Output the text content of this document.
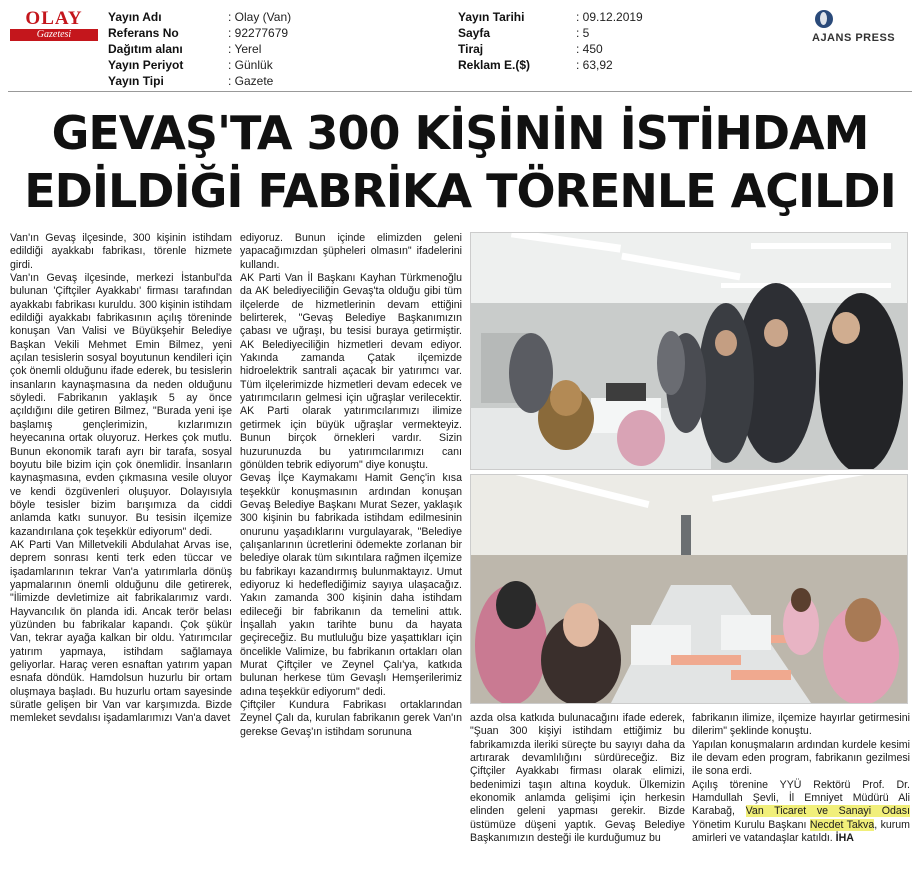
OLAY
Gazetesi
Yayın Adı	: Olay (Van)
Referans No	: 92277679
Dağıtım alanı	: Yerel
Yayın Periyot	: Günlük
Yayın Tipi	: Gazete
Yayın Tarihi	: 09.12.2019
Sayfa	: 5
Tiraj	: 450
Reklam E.($)	: 63,92
AJANS PRESS
GEVAŞ'TA 300 KİŞİNİN İSTİHDAM
EDİLDİĞİ FABRİKA TÖRENLE AÇILDI

Van'ın Gevaş ilçesinde, 300 kişinin istihdam edildiği ayakkabı fabrikası, törenle hizmete girdi.

Van'ın Gevaş ilçesinde, merkezi İstanbul'da bulunan 'Çiftçiler Ayakkabı' firması tarafından ayakkabı fabrikası kuruldu. 300 kişinin istihdam edildiği ayakkabı fabrikasının açılış töreninde konuşan Van Valisi ve Büyükşehir Belediye Başkan Vekili Mehmet Emin Bilmez, yeni açılan tesislerin sosyal boyutunun kendileri için çok önemli olduğunu ifade ederek, bu tesislerin insanların kaynaşmasına da neden olduğunu söyledi. Fabrikanın yaklaşık 5 ay önce açıldığını dile getiren Bilmez, "Burada yeni işe başlamış gençlerimizin, kızlarımızın heyecanına ortak oluyoruz. Herkes çok mutlu. Bunun ekonomik tarafı ayrı bir tarafa, sosyal boyutu bile bizim için çok önemlidir. İnsanların kaynaşmasına, evden çıkmasına vesile oluyor ve kendi özgüvenleri oluşuyor. Dolayısıyla böyle tesisler bizim barışımıza da ciddi anlamda katkı sunuyor. Bu tesisin ilçemize kazandırılana çok teşekkür ediyorum" dedi.

AK Parti Van Milletvekili Abdulahat Arvas ise, deprem sonrası kenti terk eden tüccar ve işadamlarının tekrar Van'a yatırımlarla dönüş yapmalarının önemli olduğunu dile getirerek, "İlimizde devletimize ait fabrikalarımız vardı. Hayvancılık ön planda idi. Ancak terör belası yüzünden bu fabrikalar kapandı. Çok şükür Van, tekrar ayağa kalkan bir oldu. Yatırımcılar yatırım yapmaya, istihdam sağlamaya geliyorlar. Haraç veren esnaftan yatırım yapan esnafa döndük. Hamdolsun huzurlu bir ortam oluşmaya başladı. Bu huzurlu ortam sayesinde süratle gelişen bir Van var karşımızda. Bizde memleket sevdalısı işadamlarımızı Van'a davet

ediyoruz. Bunun içinde elimizden geleni yapacağımızdan şüpheleri olmasın" ifadelerini kullandı.

AK Parti Van İl Başkanı Kayhan Türkmenoğlu da AK belediyeciliğin Gevaş'ta olduğu gibi tüm ilçelerde de hizmetlerinin devam ettiğini belirterek, "Gevaş Belediye Başkanımızın çabası ve uğraşı, bu tesisi buraya getirmiştir. AK Belediyeciliğin hizmetleri devam ediyor. Yakında zamanda Çatak ilçemizde hidroelektrik santrali açacak bir yatırımcı var. Tüm ilçelerimizde hizmetleri devam edecek ve yatırımcıların gelmesi için uğraşlar verilecektir. AK Parti olarak yatırımcılarımızı ilimize getirmek için büyük uğraşlar vermekteyiz. Bunun birçok örnekleri vardır. Sizin huzurunuzda bu yatırımcılarımızı canı gönülden tebrik ediyorum" diye konuştu.

Gevaş İlçe Kaymakamı Hamit Genç'in kısa teşekkür konuşmasının ardından konuşan Gevaş Belediye Başkanı Murat Sezer, yaklaşık 300 kişinin bu fabrikada istihdam edilmesinin onurunu yaşadıklarını vurgulayarak, "Belediye çalışanlarının ücretlerini ödemekte zorlanan bir belediye olarak tüm sıkıntılara rağmen ilçemize bu fabrikayı kazandırmış bulunmaktayız. Umut ediyoruz ki hedeflediğimiz sayıya ulaşacağız. Yakın zamanda 300 kişinin daha istihdam edileceği bir fabrikanın da temelini attık. İnşallah yakın tarihte bunu da hayata geçireceğiz. Bu mutluluğu bize yaşattıkları için öncelikle Valimize, bu fabrikanın ortakları olan Murat Çiftçiler ve Zeynel Çalı'ya, katkıda bulunan herkese tüm Gevaşlı Hemşerilerimiz adına teşekkür ediyorum" dedi.

Çiftçiler Kundura Fabrikası ortaklarından Zeynel Çalı da, kurulan fabrikanın gerek Van'ın gerekse Gevaş'ın istihdam sorununa

azda olsa katkıda bulunacağını ifade ederek, "Şuan 300 kişiyi istihdam ettiğimiz bu fabrikamızda ileriki süreçte bu sayıyı daha da artırarak devamlılığını sürdüreceğiz. Biz Çiftçiler Ayakkabı firması olarak elimizi, bedenimizi taşın altına koyduk. Ülkemizin ekonomik anlamda gelişimi için herkesin elinden geleni yapması gerekir. Bizde üstümüze düşeni yaptık. Gevaş Belediye Başkanımızın desteği ile kurduğumuz bu

fabrikanın ilimize, ilçemize hayırlar getirmesini dilerim" şeklinde konuştu.

Yapılan konuşmaların ardından kurdele kesimi ile devam eden program, fabrikanın gezilmesi ile sona erdi.

Açılış törenine YYÜ Rektörü Prof. Dr. Hamdullah Şevli, İl Emniyet Müdürü Ali Karabağ, Van Ticaret ve Sanayi Odası Yönetim Kurulu Başkanı Necdet Takva, kurum amirleri ve vatandaşlar katıldı. İHA
